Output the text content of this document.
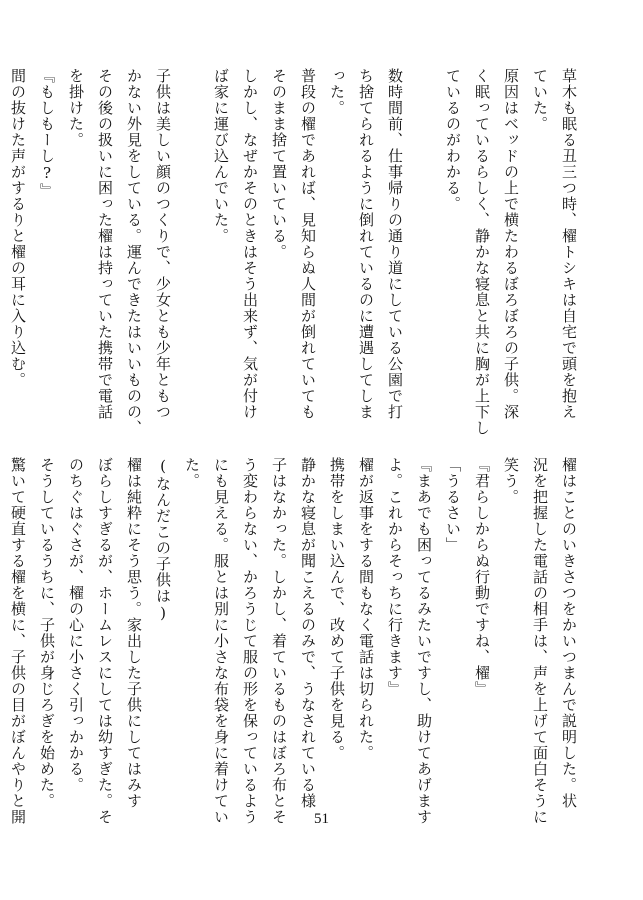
草木も眠る丑三つ時、櫂トシキは自宅で頭を抱え
ていた。
原因はベッドの上で横たわるぼろぼろの子供。深
く眠っているらしく、静かな寝息と共に胸が上下し
ているのがわかる。

数時間前、仕事帰りの通り道にしている公園で打
ち捨てられるように倒れているのに遭遇してしま
った。
普段の櫂であれば、見知らぬ人間が倒れていても
そのまま捨て置いている。
しかし、なぜかそのときはそう出来ず、気が付け
ば家に運び込んでいた。

子供は美しい顔のつくりで、少女とも少年ともつ
かない外見をしている。運んできたはいいものの、
その後の扱いに困った櫂は持っていた携帯で電話
を掛けた。
『もしもーし?』
間の抜けた声がするりと櫂の耳に入り込む。
櫂はことのいきさつをかいつまんで説明した。状
況を把握した電話の相手は、声を上げて面白そうに
笑う。
『君らしからぬ行動ですね、櫂』
「うるさい」
『まあでも困ってるみたいですし、助けてあげます
よ。これからそっちに行きます』
櫂が返事をする間もなく電話は切られた。
携帯をしまい込んで、改めて子供を見る。
静かな寝息が聞こえるのみで、うなされている様
子はなかった。しかし、着ているものはぼろ布とそ
う変わらない、かろうじて服の形を保っているよう
にも見える。服とは別に小さな布袋を身に着けてい
た。
(なんだこの子供は)
櫂は純粋にそう思う。家出した子供にしてはみす
ぼらしすぎるが、ホームレスにしては幼すぎた。そ
のちぐはぐさが、櫂の心に小さく引っかかる。
そうしているうちに、子供が身じろぎを始めた。
驚いて硬直する櫂を横に、子供の目がぼんやりと開	51
